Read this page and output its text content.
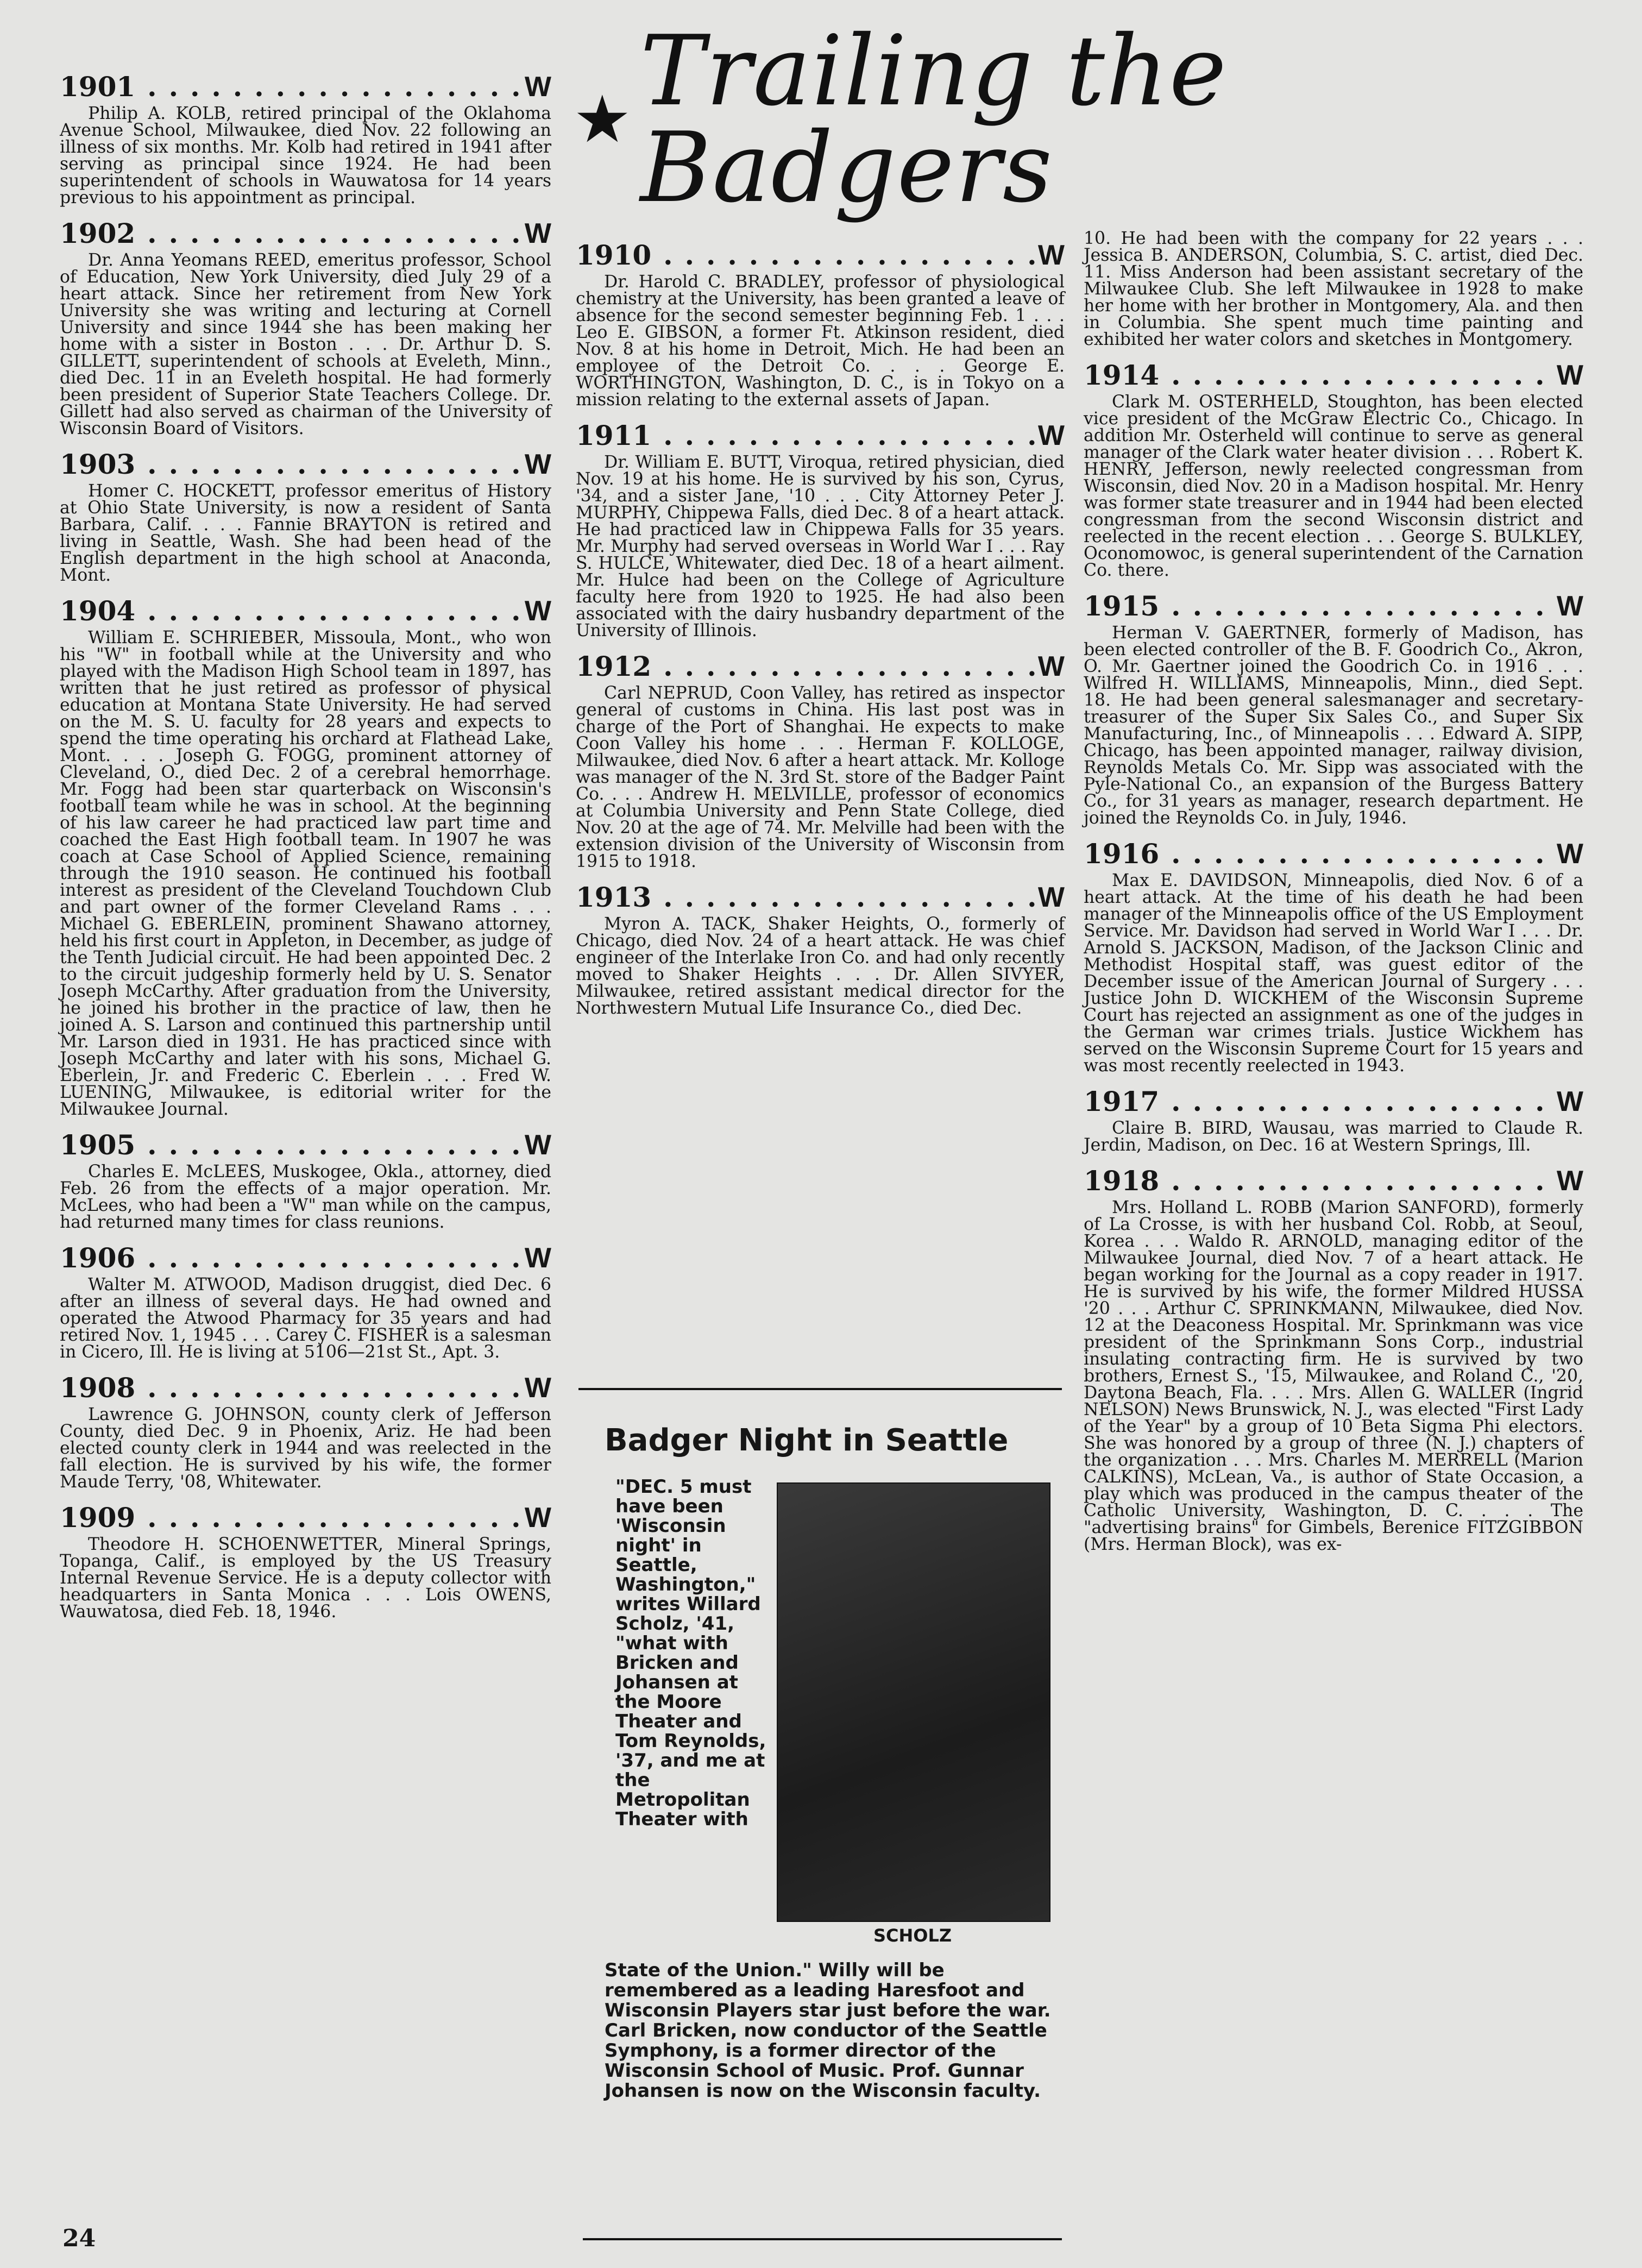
★ Trailing the Badgers
1901 .....	W

Philip A. KOLB, retired principal of the Oklahoma Avenue School, Milwaukee, died Nov. 22 following an illness of six months. Mr. Kolb had retired in 1941 after serving as principal since 1924. He had been superintendent of schools in Wauwatosa for 14 years previous to his appointment as principal.

1902 .....	W

Dr. Anna Yeomans REED, emeritus professor, School of Education, New York University, died July 29 of a heart attack. Since her retirement from New York University she was writing and lecturing at Cornell University and since 1944 she has been making her home with a sister in Boston . . . Dr. Arthur D. S. GILLETT, superintendent of schools at Eveleth, Minn., died Dec. 11 in an Eveleth hospital. He had formerly been president of Superior State Teachers College. Dr. Gillett had also served as chairman of the University of Wisconsin Board of Visitors.

1903 .....	W

Homer C. HOCKETT, professor emeritus of History at Ohio State University, is now a resident of Santa Barbara, Calif. . . . Fannie BRAYTON is retired and living in Seattle, Wash. She had been head of the English department in the high school at Anaconda, Mont.

1904 .....	W

William E. SCHRIEBER, Missoula, Mont., who won his "W" in football while at the University and who played with the Madison High School team in 1897, has written that he just retired as professor of physical education at Montana State University. He had served on the M. S. U. faculty for 28 years and expects to spend the time operating his orchard at Flathead Lake, Mont. . . . Joseph G. FOGG, prominent attorney of Cleveland, O., died Dec. 2 of a cerebral hemorrhage. Mr. Fogg had been star quarterback on Wisconsin's football team while he was in school. At the beginning of his law career he had practiced law part time and coached the East High football team. In 1907 he was coach at Case School of Applied Science, remaining through the 1910 season. He continued his football interest as president of the Cleveland Touchdown Club and part owner of the former Cleveland Rams . . . Michael G. EBERLEIN, prominent Shawano attorney, held his first court in Appleton, in December, as judge of the Tenth Judicial circuit. He had been appointed Dec. 2 to the circuit judgeship formerly held by U. S. Senator Joseph McCarthy. After graduation from the University, he joined his brother in the practice of law, then he joined A. S. Larson and continued this partnership until Mr. Larson died in 1931. He has practiced since with Joseph McCarthy and later with his sons, Michael G. Eberlein, Jr. and Frederic C. Eberlein . . . Fred W. LUENING, Milwaukee, is editorial writer for the Milwaukee Journal.

1905 .....	W

Charles E. McLEES, Muskogee, Okla., attorney, died Feb. 26 from the effects of a major operation. Mr. McLees, who had been a "W" man while on the campus, had returned many times for class reunions.

1906 .....	W

Walter M. ATWOOD, Madison druggist, died Dec. 6 after an illness of several days. He had owned and operated the Atwood Pharmacy for 35 years and had retired Nov. 1, 1945 . . . Carey C. FISHER is a salesman in Cicero, Ill. He is living at 5106—21st St., Apt. 3.

1908 .....	W

Lawrence G. JOHNSON, county clerk of Jefferson County, died Dec. 9 in Phoenix, Ariz. He had been elected county clerk in 1944 and was reelected in the fall election. He is survived by his wife, the former Maude Terry, '08, Whitewater.

1909 .....	W

Theodore H. SCHOENWETTER, Mineral Springs, Topanga, Calif., is employed by the US Treasury Internal Revenue Service. He is a deputy collector with headquarters in Santa Monica . . . Lois OWENS, Wauwatosa, died Feb. 18, 1946.

1910 .....	W

Dr. Harold C. BRADLEY, professor of physiological chemistry at the University, has been granted a leave of absence for the second semester beginning Feb. 1 . . . Leo E. GIBSON, a former Ft. Atkinson resident, died Nov. 8 at his home in Detroit, Mich. He had been an employee of the Detroit Co. . . . George E. WORTHINGTON, Washington, D. C., is in Tokyo on a mission relating to the external assets of Japan.

1911 .....	W

Dr. William E. BUTT, Viroqua, retired physician, died Nov. 19 at his home. He is survived by his son, Cyrus, '34, and a sister Jane, '10 . . . City Attorney Peter J. MURPHY, Chippewa Falls, died Dec. 8 of a heart attack. He had practiced law in Chippewa Falls for 35 years. Mr. Murphy had served overseas in World War I . . . Ray S. HULCE, Whitewater, died Dec. 18 of a heart ailment. Mr. Hulce had been on the College of Agriculture faculty here from 1920 to 1925. He had also been associated with the dairy husbandry department of the University of Illinois.

1912 .....	W

Carl NEPRUD, Coon Valley, has retired as inspector general of customs in China. His last post was in charge of the Port of Shanghai. He expects to make Coon Valley his home . . . Herman F. KOLLOGE, Milwaukee, died Nov. 6 after a heart attack. Mr. Kolloge was manager of the N. 3rd St. store of the Badger Paint Co. . . . Andrew H. MELVILLE, professor of economics at Columbia University and Penn State College, died Nov. 20 at the age of 74. Mr. Melville had been with the extension division of the University of Wisconsin from 1915 to 1918.

1913 .....	W

Myron A. TACK, Shaker Heights, O., formerly of Chicago, died Nov. 24 of a heart attack. He was chief engineer of the Interlake Iron Co. and had only recently moved to Shaker Heights . . . Dr. Allen SIVYER, Milwaukee, retired assistant medical director for the Northwestern Mutual Life Insurance Co., died Dec.

10. He had been with the company for 22 years . . . Jessica B. ANDERSON, Columbia, S. C. artist, died Dec. 11. Miss Anderson had been assistant secretary of the Milwaukee Club. She left Milwaukee in 1928 to make her home with her brother in Montgomery, Ala. and then in Columbia. She spent much time painting and exhibited her water colors and sketches in Montgomery.

1914 .....	W

Clark M. OSTERHELD, Stoughton, has been elected vice president of the McGraw Electric Co., Chicago. In addition Mr. Osterheld will continue to serve as general manager of the Clark water heater division . . . Robert K. HENRY, Jefferson, newly reelected congressman from Wisconsin, died Nov. 20 in a Madison hospital. Mr. Henry was former state treasurer and in 1944 had been elected congressman from the second Wisconsin district and reelected in the recent election . . . George S. BULKLEY, Oconomowoc, is general superintendent of the Carnation Co. there.

1915 .....	W

Herman V. GAERTNER, formerly of Madison, has been elected controller of the B. F. Goodrich Co., Akron, O. Mr. Gaertner joined the Goodrich Co. in 1916 . . . Wilfred H. WILLIAMS, Minneapolis, Minn., died Sept. 18. He had been general salesmanager and secretary-treasurer of the Super Six Sales Co., and Super Six Manufacturing, Inc., of Minneapolis . . . Edward A. SIPP, Chicago, has been appointed manager, railway division, Reynolds Metals Co. Mr. Sipp was associated with the Pyle-National Co., an expansion of the Burgess Battery Co., for 31 years as manager, research department. He joined the Reynolds Co. in July, 1946.

1916 .....	W

Max E. DAVIDSON, Minneapolis, died Nov. 6 of a heart attack. At the time of his death he had been manager of the Minneapolis office of the US Employment Service. Mr. Davidson had served in World War I . . . Dr. Arnold S. JACKSON, Madison, of the Jackson Clinic and Methodist Hospital staff, was guest editor of the December issue of the American Journal of Surgery . . . Justice John D. WICKHEM of the Wisconsin Supreme Court has rejected an assignment as one of the judges in the German war crimes trials. Justice Wickhem has served on the Wisconsin Supreme Court for 15 years and was most recently reelected in 1943.

1917 .....	W

Claire B. BIRD, Wausau, was married to Claude R. Jerdin, Madison, on Dec. 16 at Western Springs, Ill.

1918 .....	W

Mrs. Holland L. ROBB (Marion SANFORD), formerly of La Crosse, is with her husband Col. Robb, at Seoul, Korea . . . Waldo R. ARNOLD, managing editor of the Milwaukee Journal, died Nov. 7 of a heart attack. He began working for the Journal as a copy reader in 1917. He is survived by his wife, the former Mildred HUSSA '20 . . . Arthur C. SPRINKMANN, Milwaukee, died Nov. 12 at the Deaconess Hospital. Mr. Sprinkmann was vice president of the Sprinkmann Sons Corp., industrial insulating contracting firm. He is survived by two brothers, Ernest S., '15, Milwaukee, and Roland C., '20, Daytona Beach, Fla. . . . Mrs. Allen G. WALLER (Ingrid NELSON) News Brunswick, N. J., was elected "First Lady of the Year" by a group of 10 Beta Sigma Phi electors. She was honored by a group of three (N. J.) chapters of the organization . . . Mrs. Charles M. MERRELL (Marion CALKINS), McLean, Va., is author of State Occasion, a play which was produced in the campus theater of the Catholic University, Washington, D. C. . . . The "advertising brains" for Gimbels, Berenice FITZGIBBON (Mrs. Herman Block), was ex-

Badger Night in Seattle
"DEC. 5 must have been 'Wisconsin night' in Seattle, Washington," writes Willard Scholz, '41, "what with Bricken and Johansen at the Moore Theater and Tom Reynolds, '37, and me at the Metropolitan Theater with
SCHOLZ
State of the Union." Willy will be remembered as a leading Haresfoot and Wisconsin Players star just before the war. Carl Bricken, now conductor of the Seattle Symphony, is a former director of the Wisconsin School of Music. Prof. Gunnar Johansen is now on the Wisconsin faculty.
24
